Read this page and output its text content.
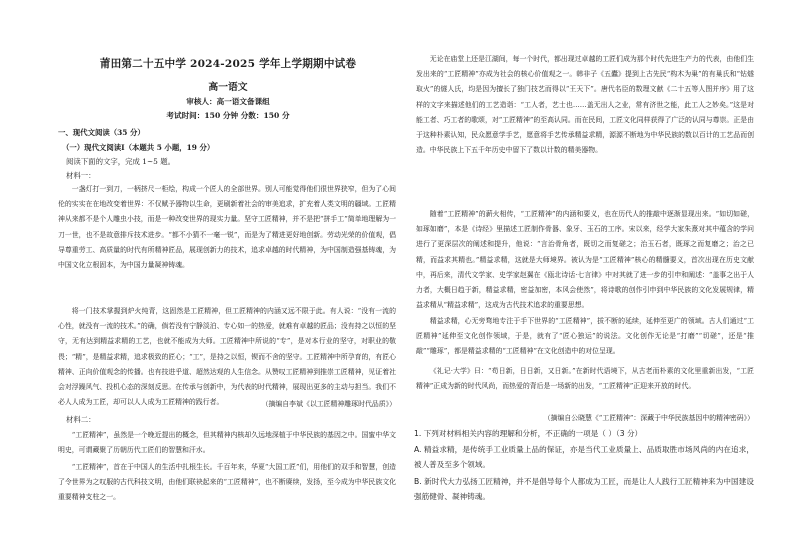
莆田第二十五中学 2024-2025 学年上学期期中试卷
高一语文
审核人：高一语文备课组
考试时间：150 分钟 分数：150 分
一、现代文阅读（35 分）
（一）现代文阅读Ⅰ（本题共 5 小题，19 分）
阅读下面的文字，完成 1~5 题。
材料一：
一盏灯打一到刀，一柄挤尺一柜绘，构成一个匠人的全部世界。别人可能觉得他们很世界狭窄，但为了心间伦的实实在在地改变着世界：不仅赋予器物以生命，更刷新着社会的审美追求，扩充着人类文明的疆域。工匠精神从来都不是个人雕虫小技，而是一种改变世界的现实力量。坚守工匠精神，并不是把“拼手工”简单地理解为一刀一世，也不是故意排斥技术进步。“都不小猜不一毫一锐”，而是为了精进更好地创新。劳动光荣的价值观，倡导尊重劳工、高质量的时代有所精神匠品，展现创新力的技术，追求卓越的时代精神，为中国制造强基铸魂，为中国文化立根固本，为中国力量凝神铸魂。
将一门技术掌握到炉火纯青，这固然是工匠精神，但工匠精神的内涵又远不限于此。有人说：“没有一流的心性，就没有一流的技术。”的确，倘若没有宁静淡泊、专心如一的热爱，就难有卓越的匠品；没有持之以恒的坚守，无有达到精益求精的工艺，也就不能成为大师。工匠精神中所说的“专”，是对本行业的坚守，对职业的敬畏；“精”，是精益求精，追求极致的匠心；“工”，是持之以恒，锲而不舍的坚守。工匠精神中所孕育的，有匠心精神、正向价值观念的传播。也有技进乎道、超然达观的人生信念。从赞叹工匠精神到推崇工匠精神，见证着社会对浮躁风气、投机心态的深刻反思。在传承与创新中，为代表的时代精神，展现出更多的主动与担当。我们不必人人成为工匠，却可以人人成为工匠精神的践行者。	（摘编自李斌《以工匠精神雕琢时代品质》）
材料二：
“工匠精神”，虽然是一个晚近提出的概念，但其精神内核却久远地深植于中华民族的基因之中。国蜜中华文明史，可谓藏聚了历朝历代工匠们的智慧和汗水。
“工匠精神”，首在于中国人的生活中扎根生长。千百年来，华夏“大国工匠”们，用他们的双手和智慧，创造了令世界为之叹服的古代科技文明，由他们联袂起来的“工匠精神”，也不断赓续，发扬，至今成为中华民族文化重要精神支柱之一。
无论在庙堂上还是江湖间，每一个时代，都出现过卓越的工匠们成为那个时代先进生产力的代表，由他们生发出来的“工匠精神”亦成为社会的核心价值观之一。韩非子《五蠹》提到上古先民“构木为巢”的有巢氏和“钻燧取火”的燧人氏，均是因为擅长了独门技艺而得以“王天下”。唐代名臣的数理文献《二十五等人图并序》用了这样的文字来描述他们的工艺造诣：“工人者，艺士也……盖无出人之业，常有济世之能，此工人之妙矣。”这是对能工者、巧工者的歌颂，对“工匠精神”的至高认同。而在民间，工匠文化同样获得了广泛的认同与尊崇。正是由于这种朴素认知，民众愿意学手艺，愿意将手艺传承精益求精，源源不断地为中华民族的数以百计的工艺品而创造。中华民族上下五千年历史中留下了数以计数的精美器物。
随着“工匠精神”的薪火相传，“工匠精神”的内涵和要义，也在历代人的推敲中逐渐显现出来。“如切如磋，如琢如磨”，本是《诗经》里描述工匠制作骨器、象牙、玉石的工序。宋以来，经学大家朱熹对其中蕴含的学问进行了更深层次的阐述和提升，他说：“言治骨角者，既切之而复磋之；治玉石者，既琢之而复磨之；治之已精，而益求其精也。”精益求精，这就是大师境界。被认为是“工匠精神”核心的精髓要义，首次出现在历史文献中，再后来，清代文学家、史学家赵翼在《瓯北诗话·七言律》中对其就了进一步的引申和阐述：“盖事之出于人力者，大概日趋于新，精益求精，密益加密，本风会使然”，将诗歌的创作引申到中华民族的文化发展规律，精益求精从“精益求精”，这成为古代技术追求的重要思想。
精益求精，心无旁骛地专注于手下世界的“工匠精神”，拔不断的延续，延伸至更广的领域。古人们通过“工匠精神”延伸至文化创作领域，于是，就有了“匠心独运”的说法。文化创作无论是“打磨”“切磋”，还是“推敲”“雕琢”，都是精益求精的“工匠精神”在文化创造中的对位呈现。
《礼记·大学》曰：“苟日新，日日新，又日新。”在新时代语境下，从古老而朴素的文化里重新出发，“工匠精神”正成为新的时代风尚，而热爱的背后是一场新的出发，“工匠精神”正迎来开放的时代。
（摘编自公晓慧《“工匠精神”：深藏于中华民族基因中的精神密码》）
1. 下列对材料相关内容的理解和分析，不正确的一项是（ ）（3 分）
A. 精益求精，是传统手工业质量上品的保证，亦是当代工业质量上、品质取胜市场风尚的内在追求，被人普及至多个领域。
B. 新时代大力弘扬工匠精神，并不是倡导每个人都成为工匠，而是让人人践行工匠精神来为中国建设强筋健骨、凝神铸魂。
